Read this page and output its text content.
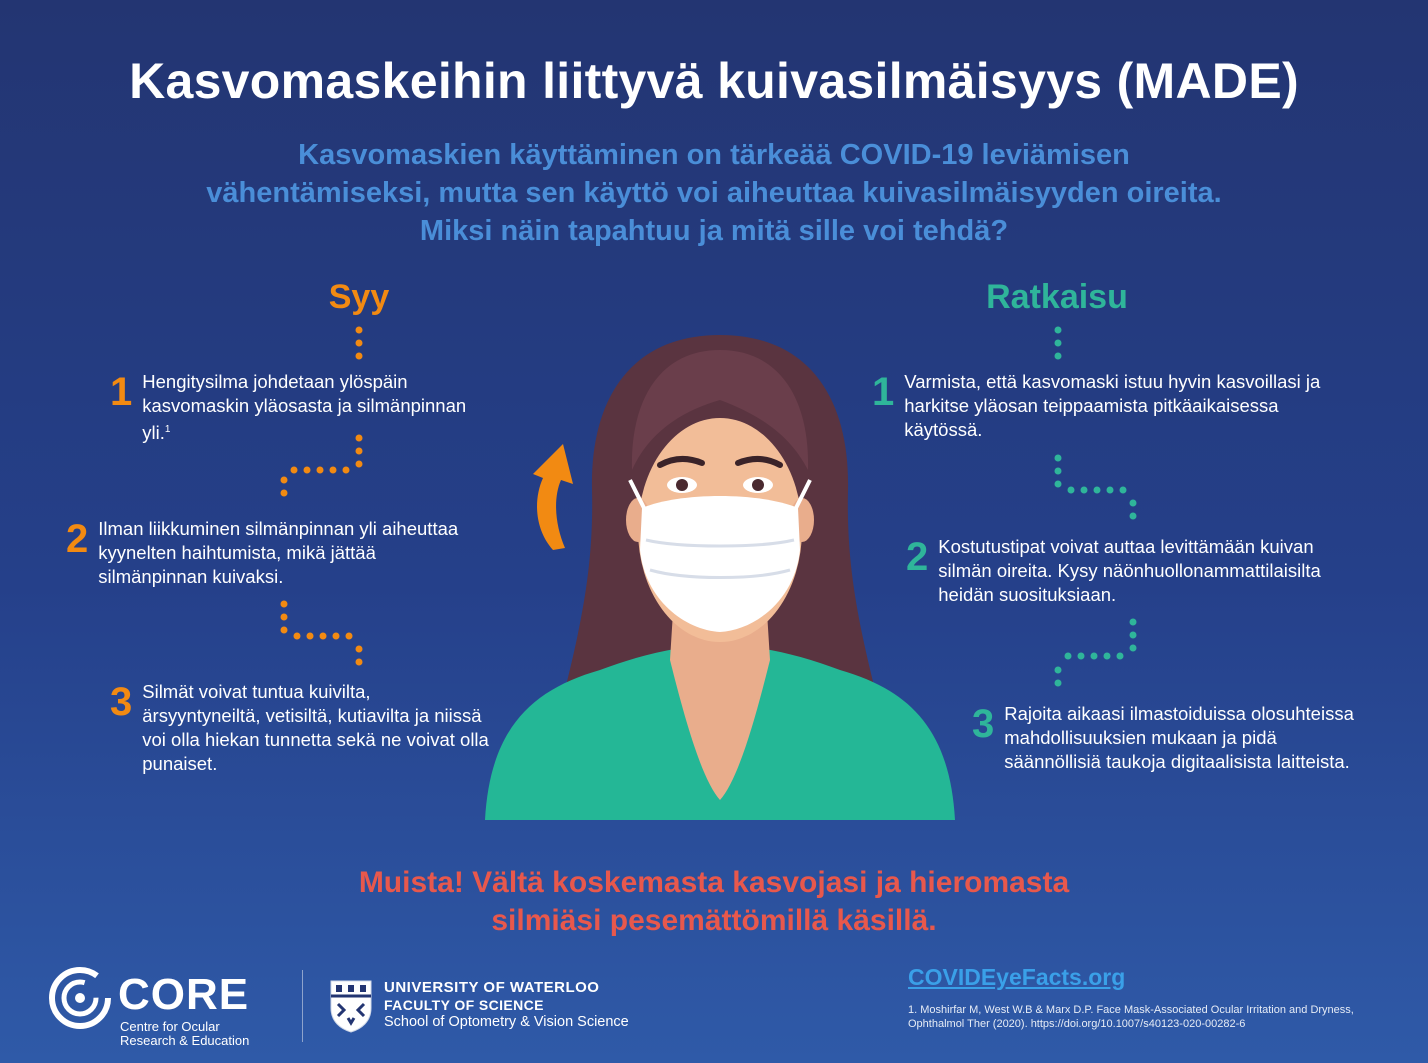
Kasvomaskeihin liittyvä kuivasilmäisyys (MADE)
Kasvomaskien käyttäminen on tärkeää COVID-19 leviämisen
vähentämiseksi, mutta sen käyttö voi aiheuttaa kuivasilmäisyyden oireita.
Miksi näin tapahtuu ja mitä sille voi tehdä?
Syy	Ratkaisu
1 Hengitysilma johdetaan ylöspäin kasvomaskin yläosasta ja silmänpinnan yli.$^1$
2 Ilman liikkuminen silmänpinnan yli aiheuttaa kyynelten haihtumista, mikä jättää silmänpinnan kuivaksi.
3 Silmät voivat tuntua kuivilta, ärsyyntyneiltä, vetisiltä, kutiavilta ja niissä voi olla hiekan tunnetta sekä ne voivat olla punaiset.
1 Varmista, että kasvomaski istuu hyvin kasvoillasi ja harkitse yläosan teippaamista pitkäaikaisessa käytössä.
2 Kostutustipat voivat auttaa levittämään kuivan silmän oireita. Kysy näönhuollonammattilaisilta heidän suosituksiaan.
3 Rajoita aikaasi ilmastoiduissa olosuhteissa mahdollisuuksien mukaan ja pidä säännöllisiä taukoja digitaalisista laitteista.
Muista! Vältä koskemasta kasvojasi ja hieromasta
silmiäsi pesemättömillä käsillä.
CORE
Centre for Ocular
Research & Education
UNIVERSITY OF WATERLOO
FACULTY OF SCIENCE
School of Optometry & Vision Science
COVIDEyeFacts.org
1. Moshirfar M, West W.B & Marx D.P. Face Mask-Associated Ocular Irritation and Dryness, Ophthalmol Ther (2020). https://doi.org/10.1007/s40123-020-00282-6
